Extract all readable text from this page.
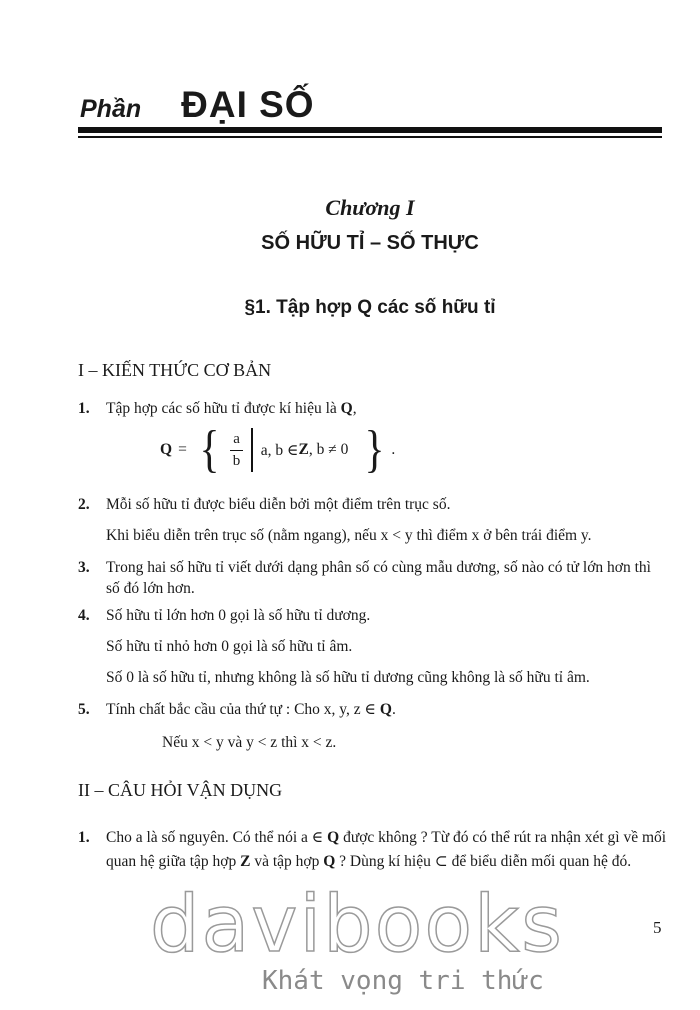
Phần ĐẠI SỐ
Chương I
SỐ HỮU TỈ – SỐ THỰC
§1. Tập hợp Q các số hữu tỉ
I – KIẾN THỨC CƠ BẢN
1. Tập hợp các số hữu tỉ được kí hiệu là Q,
Q = { $\frac{a}{b} a$, b ∈ Z , b ≠ 0 } .
2. Mỗi số hữu tỉ được biểu diễn bởi một điểm trên trục số.
Khi biểu diễn trên trục số (nằm ngang), nếu x < y thì điểm x ở bên trái điểm y.
3. Trong hai số hữu tỉ viết dưới dạng phân số có cùng mẫu dương, số nào có tử lớn hơn thì số đó lớn hơn.
4. Số hữu tỉ lớn hơn 0 gọi là số hữu tỉ dương.
Số hữu tỉ nhỏ hơn 0 gọi là số hữu tỉ âm.
Số 0 là số hữu tỉ, nhưng không là số hữu tỉ dương cũng không là số hữu tỉ âm.
5. Tính chất bắc cầu của thứ tự : Cho x, y, z ∈ Q.
Nếu x < y và y < z thì x < z.
II – CÂU HỎI VẬN DỤNG
1. Cho a là số nguyên. Có thể nói a ∈ Q được không ? Từ đó có thể rút ra nhận xét gì về mối quan hệ giữa tập hợp Z và tập hợp Q ? Dùng kí hiệu ⊂ để biểu diễn mối quan hệ đó.
davibooks
Khát vọng tri thức
5
